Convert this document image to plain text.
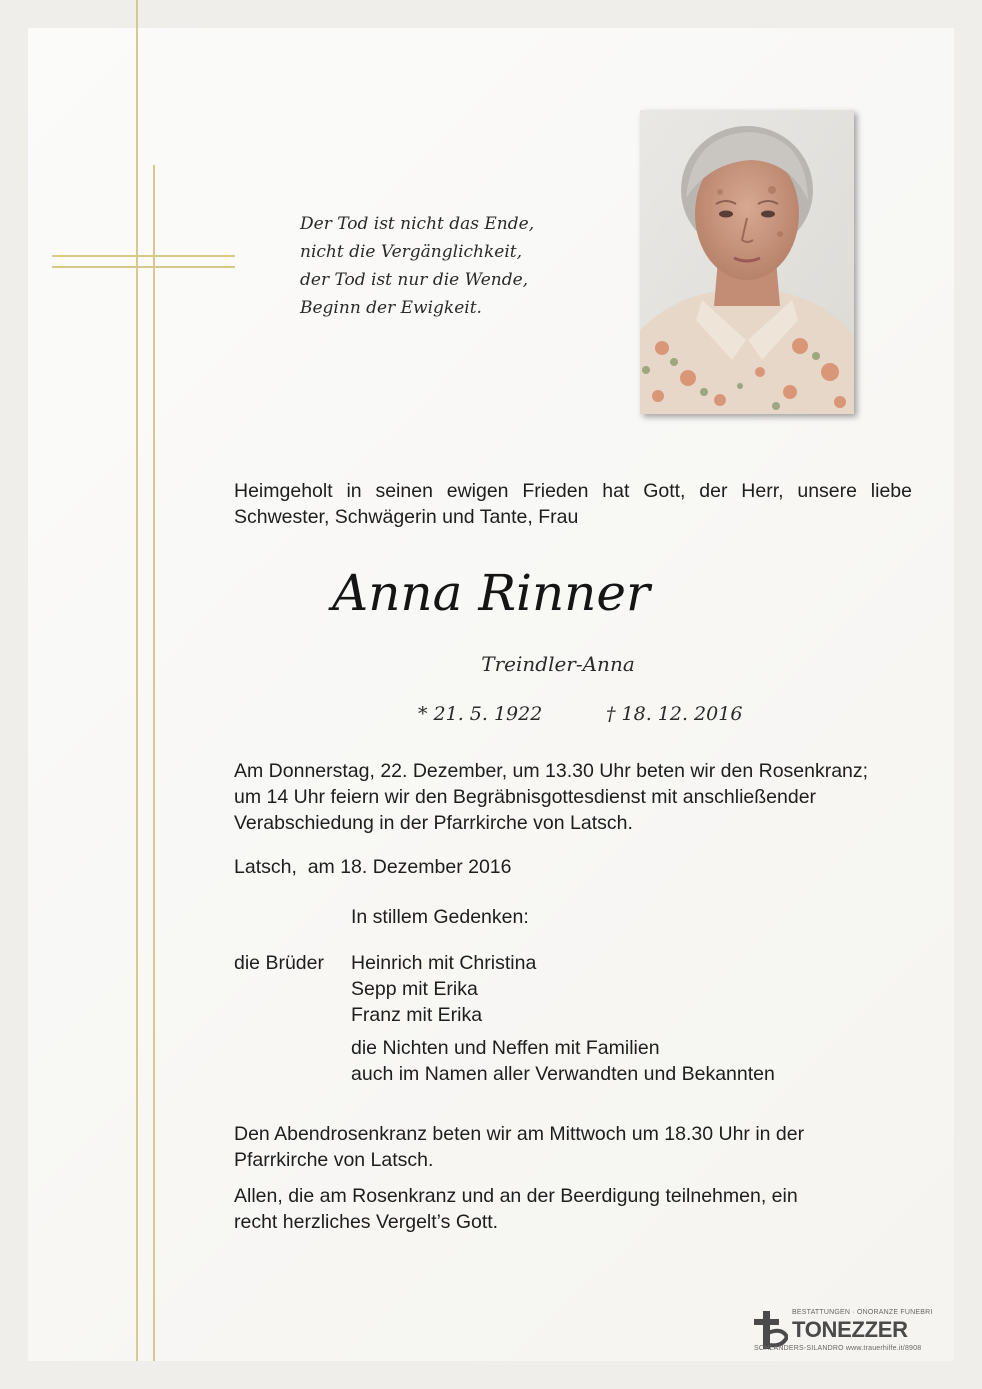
Der Tod ist nicht das Ende,
nicht die Vergänglichkeit,
der Tod ist nur die Wende,
Beginn der Ewigkeit.
Heimgeholt in seinen ewigen Frieden hat Gott, der Herr, unsere liebe
Schwester, Schwägerin und Tante, Frau
Anna Rinner
Treindler-Anna
* 21. 5. 1922	† 18. 12. 2016
Am Donnerstag, 22. Dezember, um 13.30 Uhr beten wir den Rosenkranz;
um 14 Uhr feiern wir den Begräbnisgottesdienst mit anschließender
Verabschiedung in der Pfarrkirche von Latsch.
Latsch,  am 18. Dezember 2016
In stillem Gedenken:
die Brüder Heinrich mit Christina
Sepp mit Erika
Franz mit Erika
die Nichten und Neffen mit Familien
auch im Namen aller Verwandten und Bekannten
Den Abendrosenkranz beten wir am Mittwoch um 18.30 Uhr in der
Pfarrkirche von Latsch.
Allen, die am Rosenkranz und an der Beerdigung teilnehmen, ein
recht herzliches Vergelt’s Gott.
BESTATTUNGEN · ONORANZE FUNEBRI
TONEZZER
SCHLANDERS-SILANDRO www.trauerhilfe.it/8908
